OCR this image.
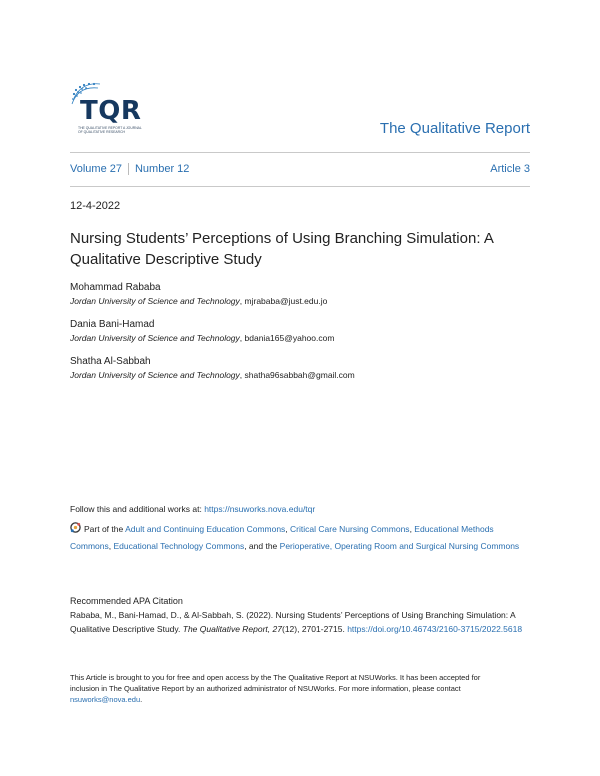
TQR
THE QUALITATIVE REPORT A JOURNAL OF QUALITATIVE RESEARCH	The Qualitative Report
Volume 27 Number 12	Article 3
12-4-2022
Nursing Students’ Perceptions of Using Branching Simulation: A Qualitative Descriptive Study
Mohammad Rababa
Jordan University of Science and Technology, mjrababa@just.edu.jo
Dania Bani-Hamad
Jordan University of Science and Technology, bdania165@yahoo.com
Shatha Al-Sabbah
Jordan University of Science and Technology, shatha96sabbah@gmail.com
Follow this and additional works at: https://nsuworks.nova.edu/tqr
Part of the Adult and Continuing Education Commons, Critical Care Nursing Commons, Educational Methods Commons, Educational Technology Commons, and the Perioperative, Operating Room and Surgical Nursing Commons
Recommended APA Citation
Rababa, M., Bani-Hamad, D., & Al-Sabbah, S. (2022). Nursing Students’ Perceptions of Using Branching Simulation: A Qualitative Descriptive Study. The Qualitative Report, 27(12), 2701-2715. https://doi.org/10.46743/2160-3715/2022.5618
This Article is brought to you for free and open access by the The Qualitative Report at NSUWorks. It has been accepted for inclusion in The Qualitative Report by an authorized administrator of NSUWorks. For more information, please contact nsuworks@nova.edu.
